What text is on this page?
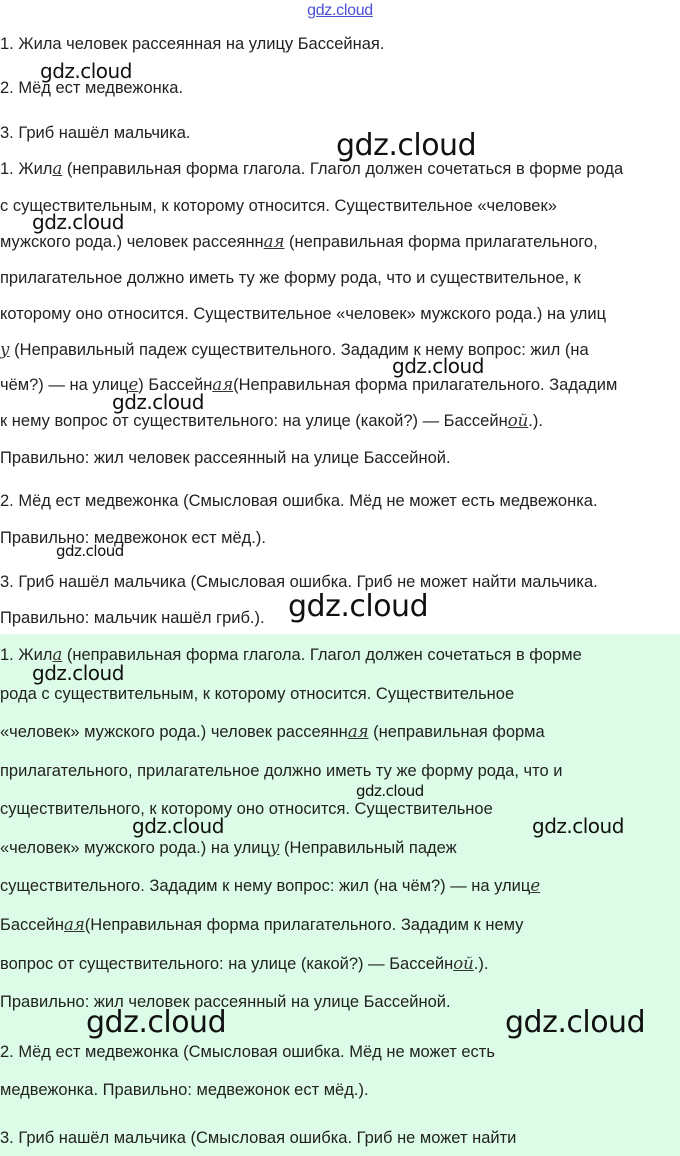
gdz.cloud
1. Жила человек рассеянная на улицу Бассейная.
2. Мёд ест медвежонка.
3. Гриб нашёл мальчика.
1. Жила (неправильная форма глагола. Глагол должен сочетаться в форме рода
с существительным, к которому относится. Существительное «человек»
мужского рода.) человек рассеянная (неправильная форма прилагательного,
прилагательное должно иметь ту же форму рода, что и существительное, к
которому оно относится. Существительное «человек» мужского рода.) на улиц
у (Неправильный падеж существительного. Зададим к нему вопрос: жил (на
чём?) — на улице) Бассейная(Неправильная форма прилагательного. Зададим
к нему вопрос от существительного: на улице (какой?) — Бассейной.).
Правильно: жил человек рассеянный на улице Бассейной.
2. Мёд ест медвежонка (Смысловая ошибка. Мёд не может есть медвежонка.
Правильно: медвежонок ест мёд.).
3. Гриб нашёл мальчика (Смысловая ошибка. Гриб не может найти мальчика.
Правильно: мальчик нашёл гриб.).
1. Жила (неправильная форма глагола. Глагол должен сочетаться в форме
рода с существительным, к которому относится. Существительное
«человек» мужского рода.) человек рассеянная (неправильная форма
прилагательного, прилагательное должно иметь ту же форму рода, что и
существительного, к которому оно относится. Существительное
«человек» мужского рода.) на улицу (Неправильный падеж
существительного. Зададим к нему вопрос: жил (на чём?) — на улице
Бассейная(Неправильная форма прилагательного. Зададим к нему
вопрос от существительного: на улице (какой?) — Бассейной.).
Правильно: жил человек рассеянный на улице Бассейной.
2. Мёд ест медвежонка (Смысловая ошибка. Мёд не может есть
медвежонка. Правильно: медвежонок ест мёд.).
3. Гриб нашёл мальчика (Смысловая ошибка. Гриб не может найти
gdz.cloud
gdz.cloud
gdz.cloud
gdz.cloud
gdz.cloud
gdz.cloud
gdz.cloud
gdz.cloud
gdz.cloud
gdz.cloud	gdz.cloud
gdz.cloud	gdz.cloud
